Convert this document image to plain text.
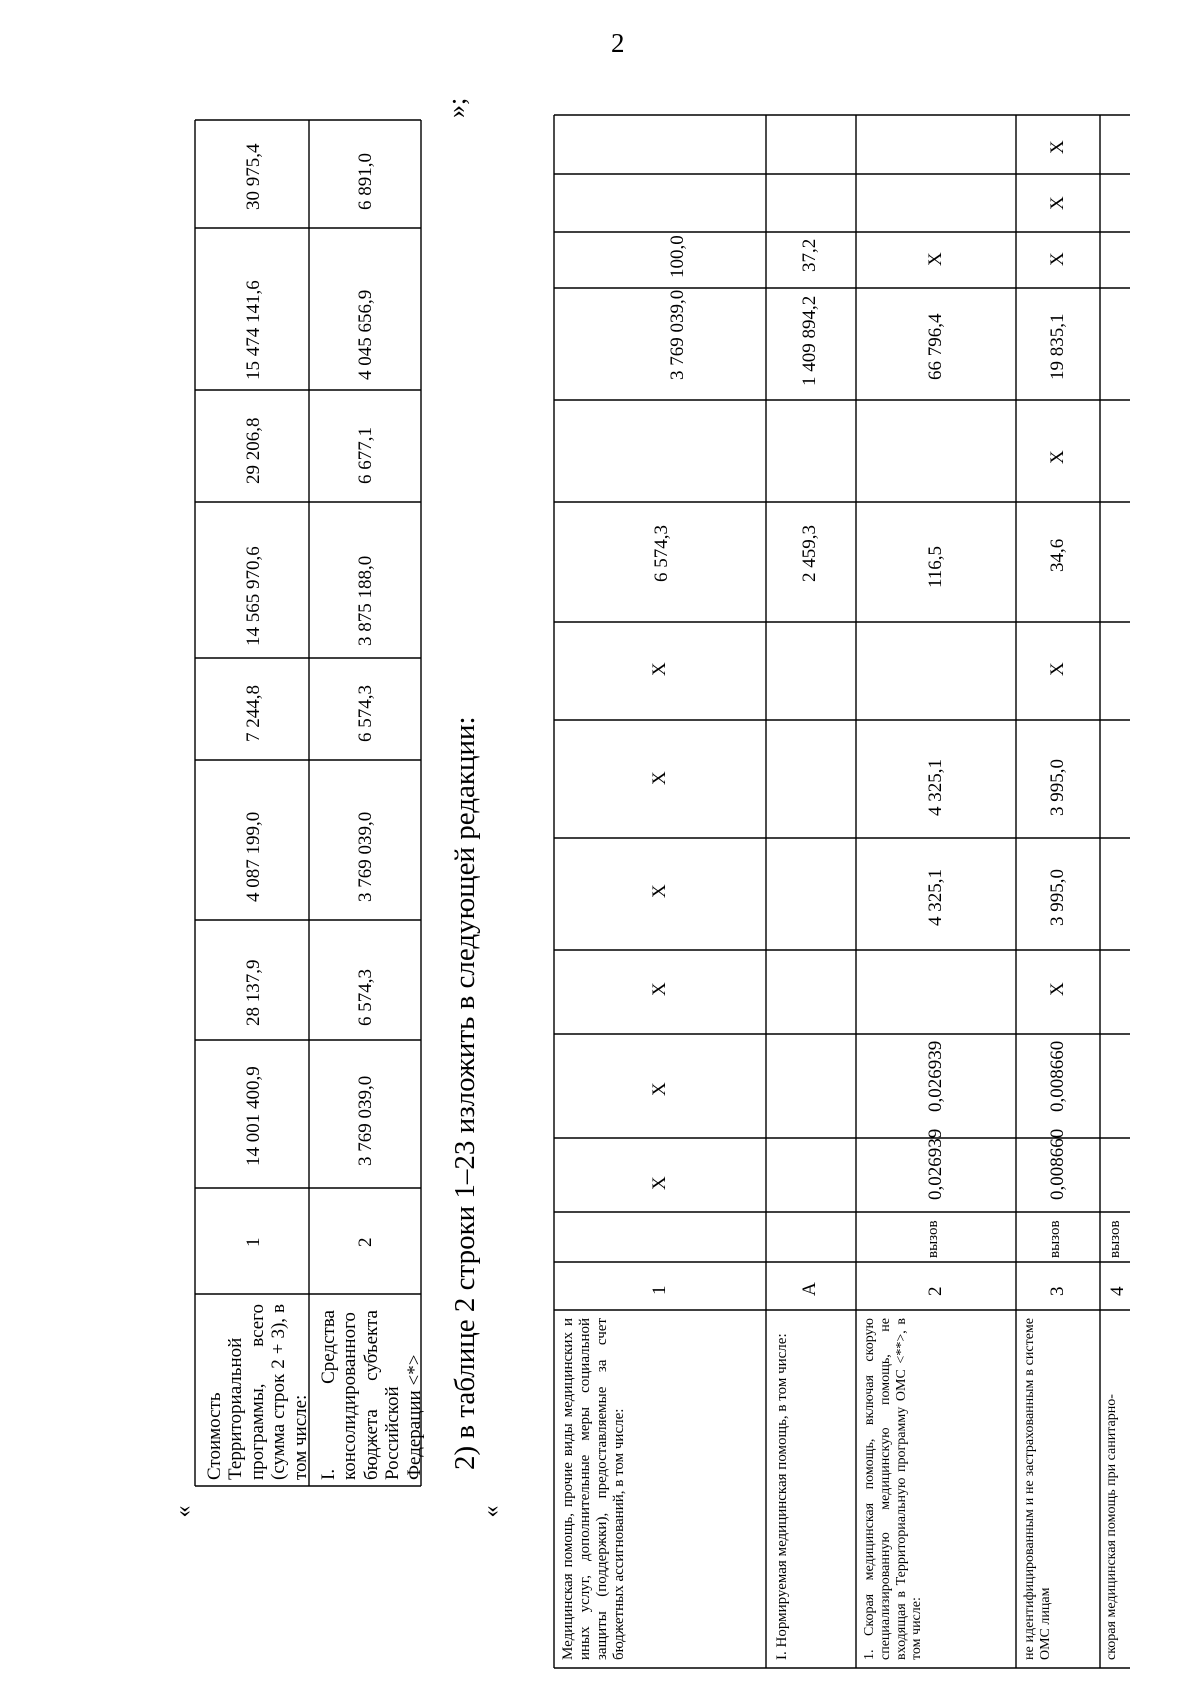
2
«	«
»;
2) в таблице 2 строки 1–23 изложить в следующей редакции:
Стоимость Территориальной программы, всего (сумма строк 2 + 3), в том числе:
1
14 001 400,9
28 137,9
4 087 199,0
7 244,8
14 565 970,6
29 206,8
15 474 141,6
30 975,4
I. Средства консолидированного бюджета субъекта Российской Федерации <*>
2
3 769 039,0
6 574,3
3 769 039,0
6 574,3
3 875 188,0
6 677,1
4 045 656,9
6 891,0
Медицинская помощь, прочие виды медицинских и иных услуг, дополнительные меры социальной защиты (поддержки), предоставляемые за счет бюджетных ассигнований, в том числе:
1
Х
Х
Х
Х
Х
Х
6 574,3
3 769 039,0
100,0
I. Нормируемая медицинская помощь, в том числе:
А
2 459,3
1 409 894,2
37,2
1. Скорая медицинская помощь, включая скорую специализированную медицинскую помощь, не входящая в Территориальную программу ОМС <**>, в том числе:
2
вызов
0,026939
0,026939
4 325,1
4 325,1
116,5
66 796,4
Х
не идентифицированным и не застрахованным в системе ОМС лицам
3
вызов
0,008660
0,008660
Х
3 995,0
3 995,0
Х
34,6
Х
19 835,1
Х
Х
Х
скорая медицинская помощь при санитарно-
4
вызов
